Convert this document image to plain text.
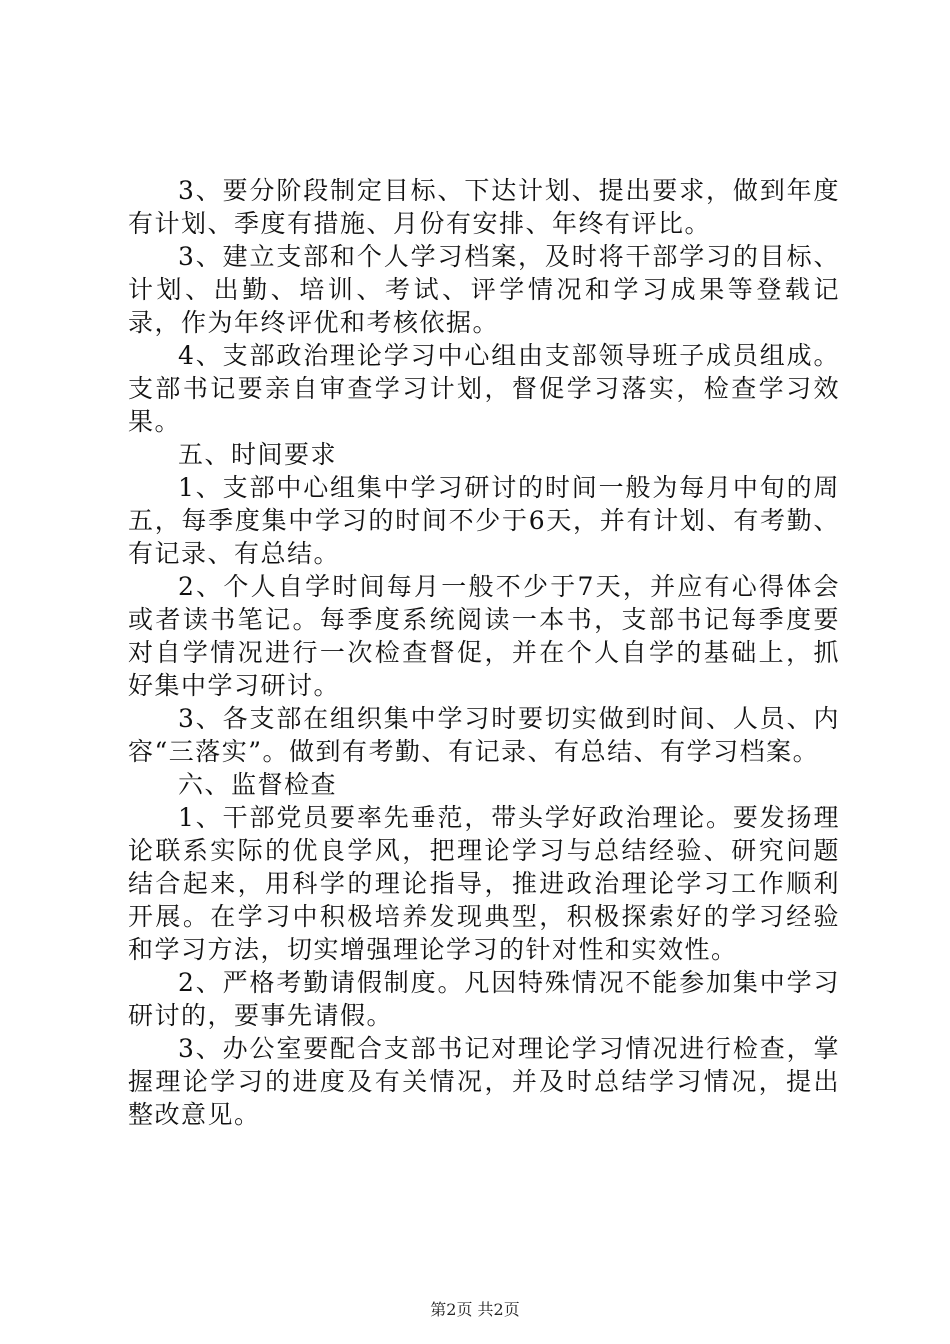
3、要分阶段制定目标、下达计划、提出要求，做到年度有计划、季度有措施、月份有安排、年终有评比。

3、建立支部和个人学习档案，及时将干部学习的目标、计划、出勤、培训、考试、评学情况和学习成果等登载记录，作为年终评优和考核依据。

4、支部政治理论学习中心组由支部领导班子成员组成。支部书记要亲自审查学习计划，督促学习落实，检查学习效果。

五、时间要求

1、支部中心组集中学习研讨的时间一般为每月中旬的周五，每季度集中学习的时间不少于6天，并有计划、有考勤、有记录、有总结。

2、个人自学时间每月一般不少于7天，并应有心得体会或者读书笔记。每季度系统阅读一本书，支部书记每季度要对自学情况进行一次检查督促，并在个人自学的基础上，抓好集中学习研讨。

3、各支部在组织集中学习时要切实做到时间、人员、内容“三落实”。做到有考勤、有记录、有总结、有学习档案。

六、监督检查

1、干部党员要率先垂范，带头学好政治理论。要发扬理论联系实际的优良学风，把理论学习与总结经验、研究问题结合起来，用科学的理论指导，推进政治理论学习工作顺利开展。在学习中积极培养发现典型，积极探索好的学习经验和学习方法，切实增强理论学习的针对性和实效性。

2、严格考勤请假制度。凡因特殊情况不能参加集中学习研讨的，要事先请假。

3、办公室要配合支部书记对理论学习情况进行检查，掌握理论学习的进度及有关情况，并及时总结学习情况，提出整改意见。

第2页 共2页
